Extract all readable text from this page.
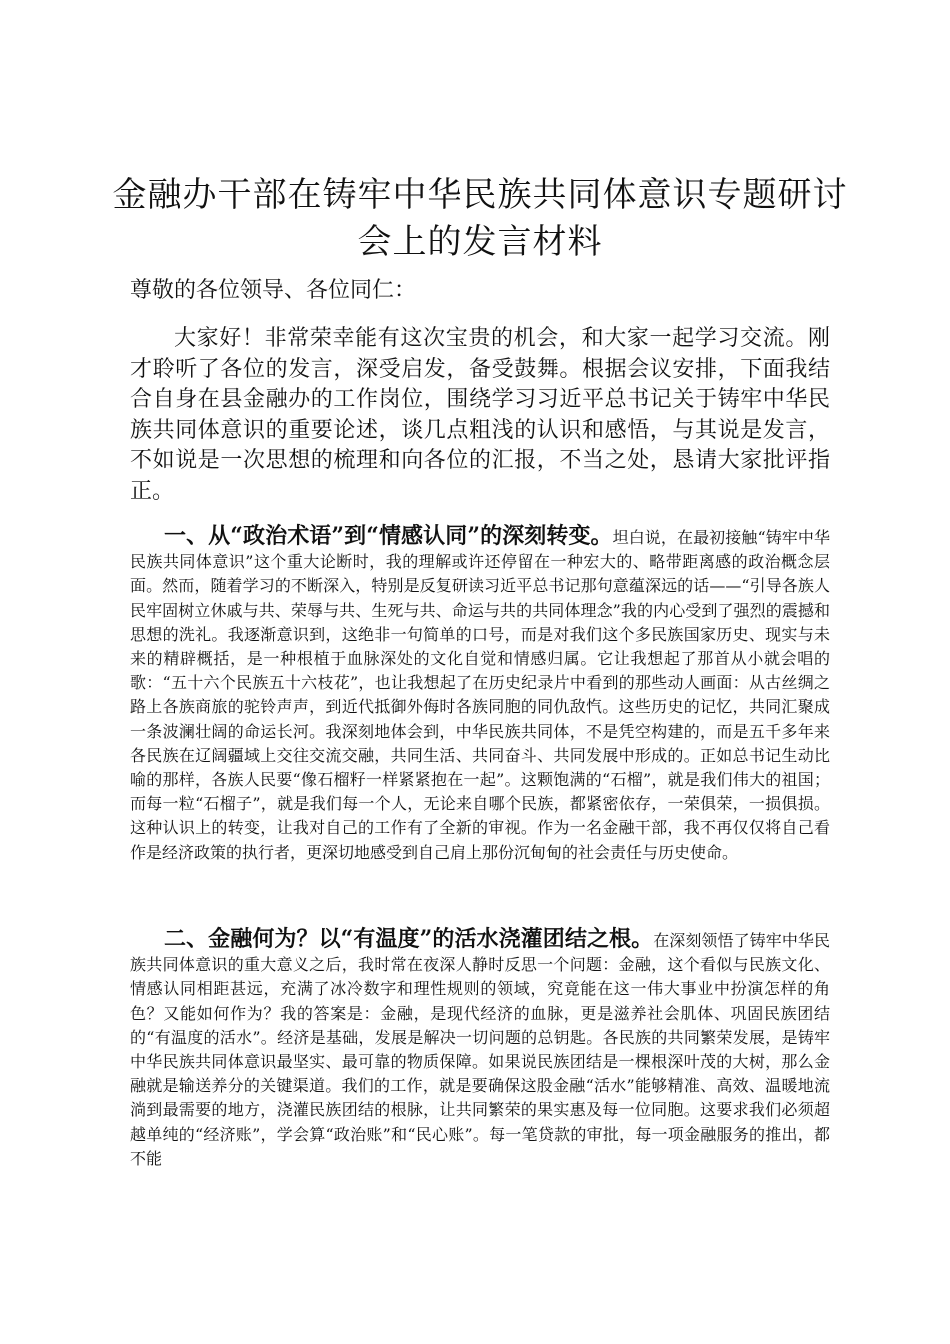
金融办干部在铸牢中华民族共同体意识专题研讨会上的发言材料

尊敬的各位领导、各位同仁：

大家好！非常荣幸能有这次宝贵的机会，和大家一起学习交流。刚才聆听了各位的发言，深受启发，备受鼓舞。根据会议安排，下面我结合自身在县金融办的工作岗位，围绕学习习近平总书记关于铸牢中华民族共同体意识的重要论述，谈几点粗浅的认识和感悟，与其说是发言，不如说是一次思想的梳理和向各位的汇报，不当之处，恳请大家批评指正。

一、从“政治术语”到“情感认同”的深刻转变。坦白说，在最初接触“铸牢中华民族共同体意识”这个重大论断时，我的理解或许还停留在一种宏大的、略带距离感的政治概念层面。然而，随着学习的不断深入，特别是反复研读习近平总书记那句意蕴深远的话——“引导各族人民牢固树立休戚与共、荣辱与共、生死与共、命运与共的共同体理念”我的内心受到了强烈的震撼和思想的洗礼。我逐渐意识到，这绝非一句简单的口号，而是对我们这个多民族国家历史、现实与未来的精辟概括，是一种根植于血脉深处的文化自觉和情感归属。它让我想起了那首从小就会唱的歌：“五十六个民族五十六枝花”，也让我想起了在历史纪录片中看到的那些动人画面：从古丝绸之路上各族商旅的驼铃声声，到近代抵御外侮时各族同胞的同仇敌忾。这些历史的记忆，共同汇聚成一条波澜壮阔的命运长河。我深刻地体会到，中华民族共同体，不是凭空构建的，而是五千多年来各民族在辽阔疆域上交往交流交融，共同生活、共同奋斗、共同发展中形成的。正如总书记生动比喻的那样，各族人民要“像石榴籽一样紧紧抱在一起”。这颗饱满的“石榴”，就是我们伟大的祖国；而每一粒“石榴子”，就是我们每一个人，无论来自哪个民族，都紧密依存，一荣俱荣，一损俱损。这种认识上的转变，让我对自己的工作有了全新的审视。作为一名金融干部，我不再仅仅将自己看作是经济政策的执行者，更深切地感受到自己肩上那份沉甸甸的社会责任与历史使命。

二、金融何为？以“有温度”的活水浇灌团结之根。在深刻领悟了铸牢中华民族共同体意识的重大意义之后，我时常在夜深人静时反思一个问题：金融，这个看似与民族文化、情感认同相距甚远，充满了冰冷数字和理性规则的领域，究竟能在这一伟大事业中扮演怎样的角色？又能如何作为？我的答案是：金融，是现代经济的血脉，更是滋养社会肌体、巩固民族团结的“有温度的活水”。经济是基础，发展是解决一切问题的总钥匙。各民族的共同繁荣发展，是铸牢中华民族共同体意识最坚实、最可靠的物质保障。如果说民族团结是一棵根深叶茂的大树，那么金融就是输送养分的关键渠道。我们的工作，就是要确保这股金融“活水”能够精准、高效、温暖地流淌到最需要的地方，浇灌民族团结的根脉，让共同繁荣的果实惠及每一位同胞。这要求我们必须超越单纯的“经济账”，学会算“政治账”和“民心账”。每一笔贷款的审批，每一项金融服务的推出，都不能
